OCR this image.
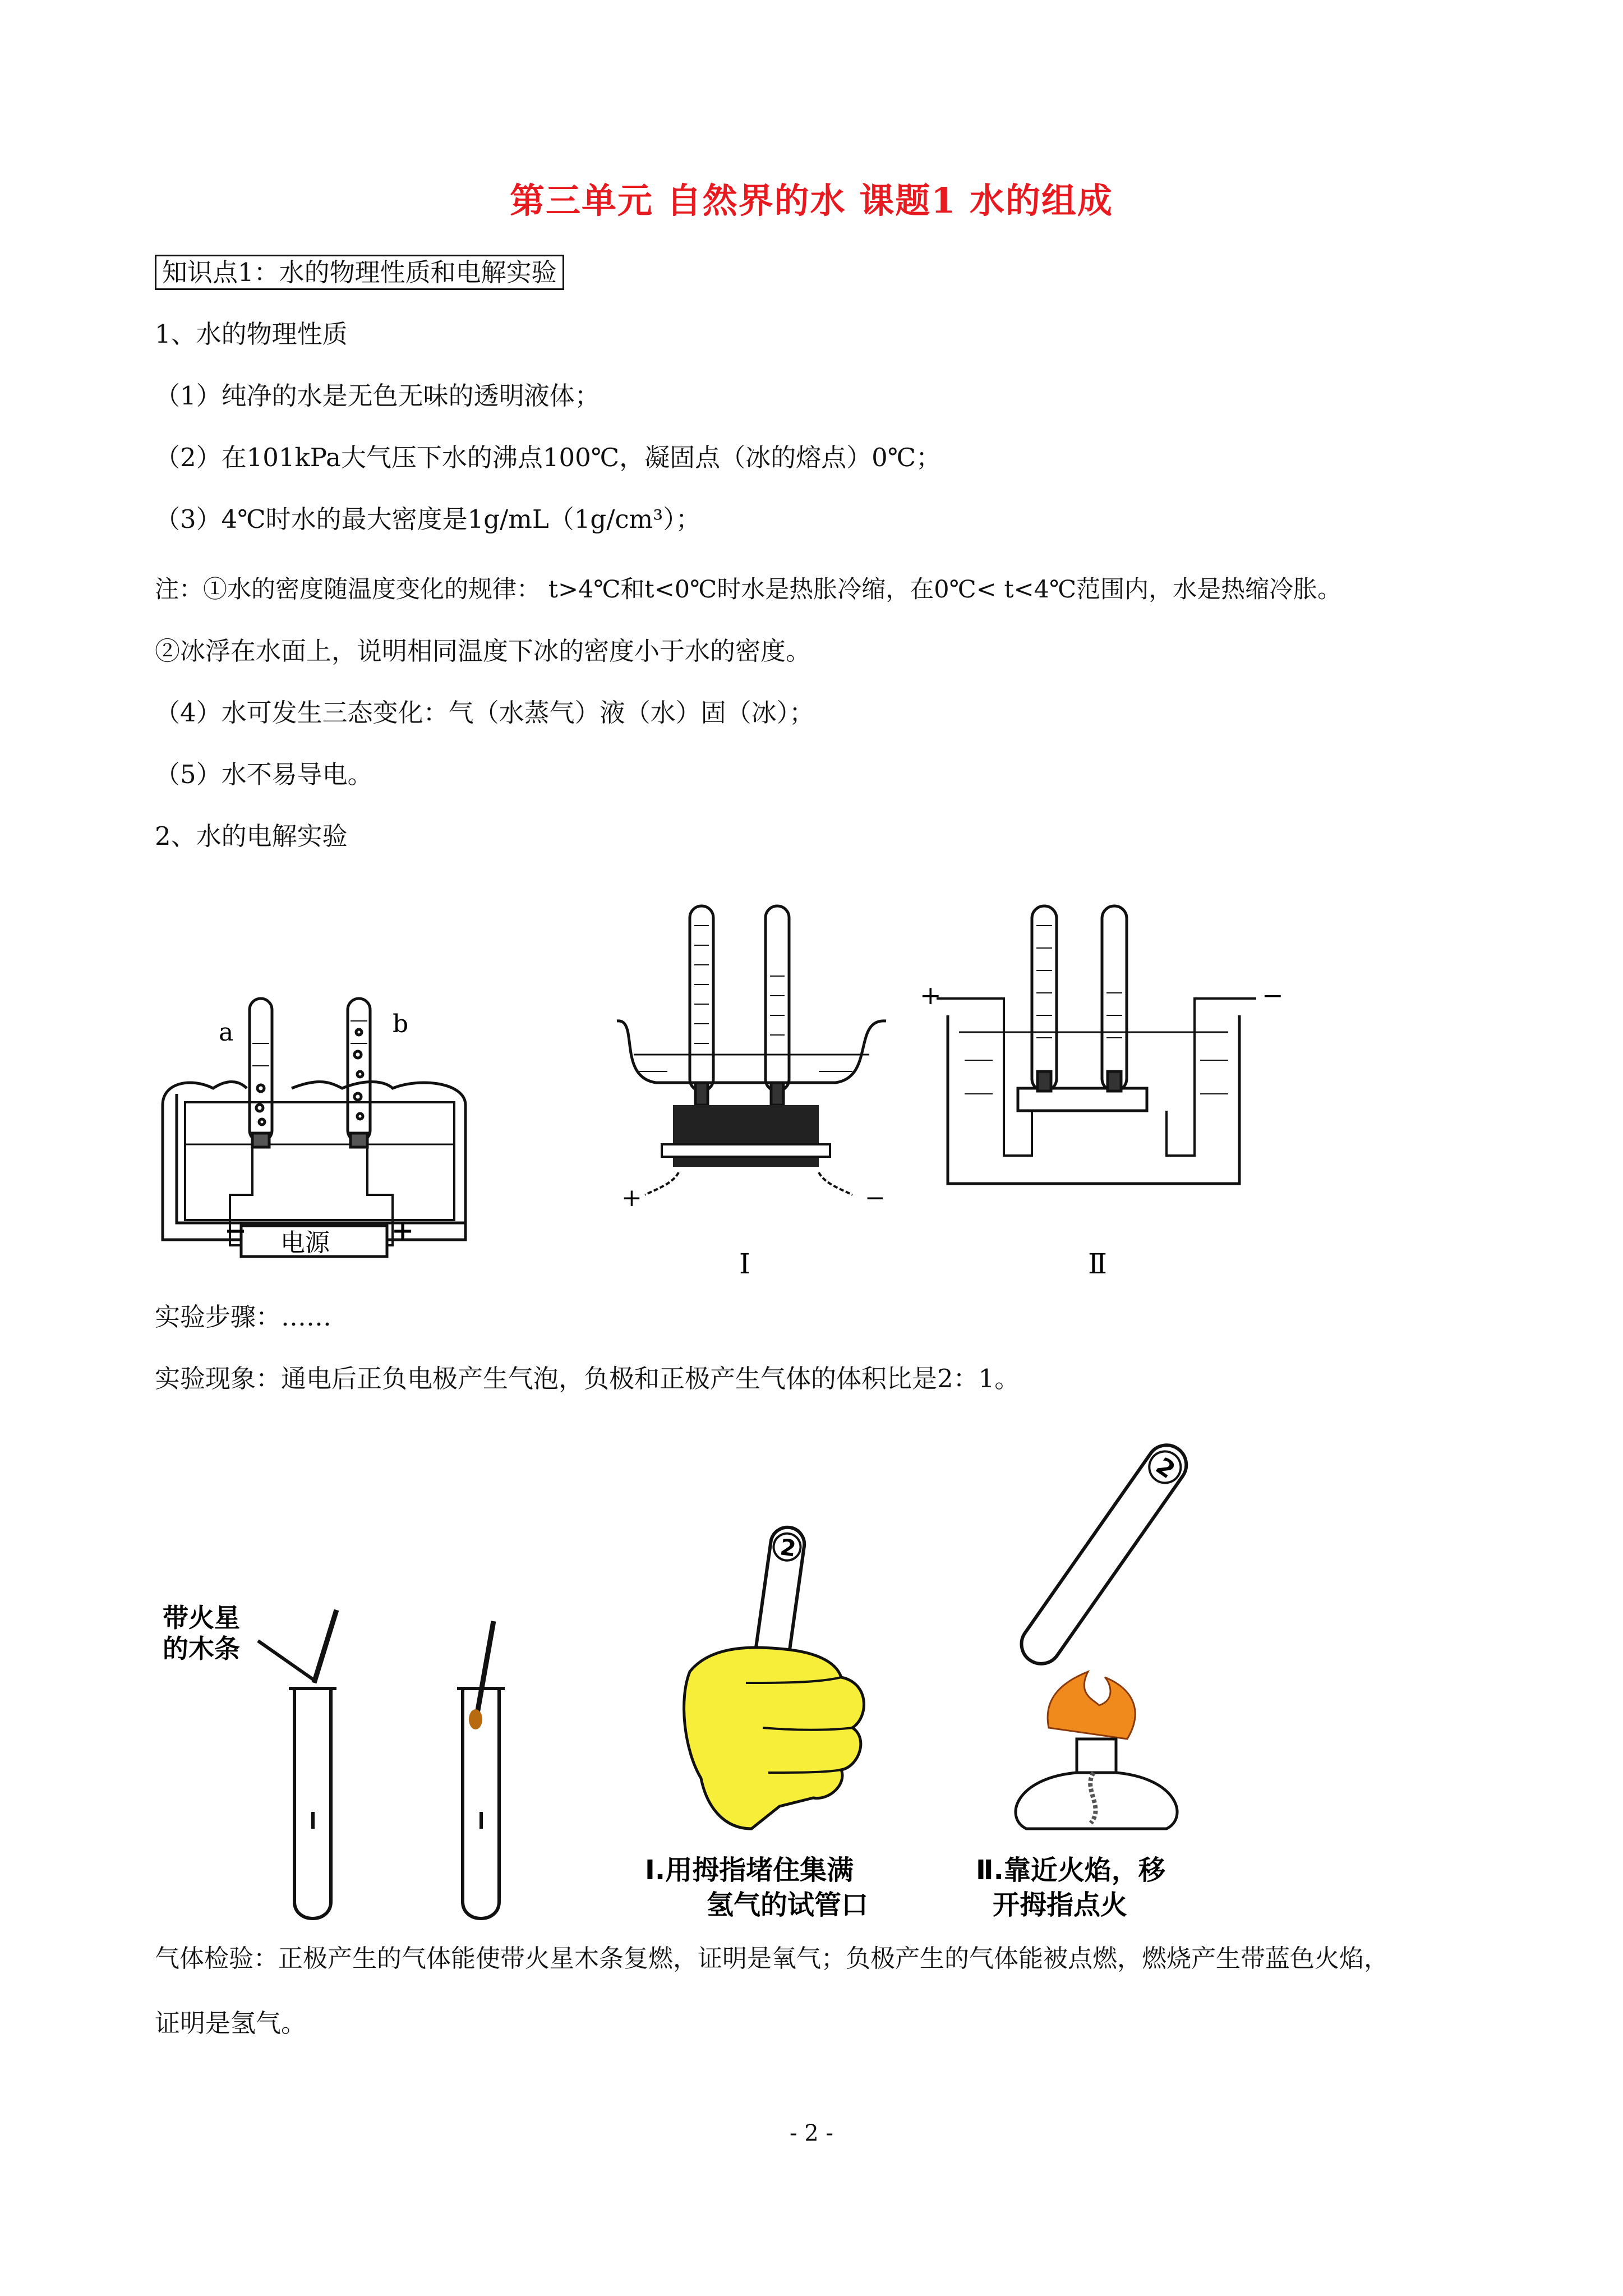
第三单元 自然界的水 课题1 水的组成
知识点1：水的物理性质和电解实验
1、水的物理性质
（1）纯净的水是无色无味的透明液体；
（2）在101kPa大气压下水的沸点100℃，凝固点（冰的熔点）0℃；
（3）4℃时水的最大密度是1g/mL（1g/cm³）；
注：①水的密度随温度变化的规律： t>4℃和t<0℃时水是热胀冷缩，在0℃< t<4℃范围内，水是热缩冷胀。
②冰浮在水面上，说明相同温度下冰的密度小于水的密度。
（4）水可发生三态变化：气（水蒸气）液（水）固（冰）；
（5）水不易导电。
2、水的电解实验
a	b
电源
−	+
+	−
Ⅰ
+	−
Ⅱ
实验步骤：……
实验现象：通电后正负电极产生气泡，负极和正极产生气体的体积比是2：1。
带火星
的木条
2
Ⅰ.用拇指堵住集满
氢气的试管口
2
Ⅱ.靠近火焰，移
开拇指点火
气体检验：正极产生的气体能使带火星木条复燃，证明是氧气；负极产生的气体能被点燃，燃烧产生带蓝色火焰，
证明是氢气。
- 2 -
